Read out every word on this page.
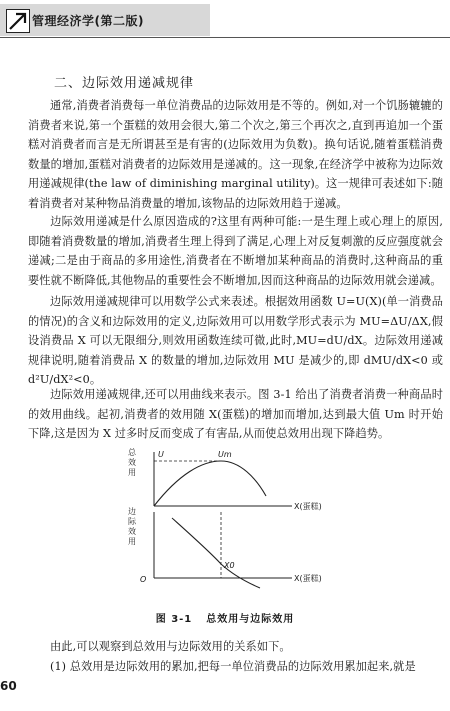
管理经济学(第二版)
二、边际效用递减规律

通常,消费者消费每一单位消费品的边际效用是不等的。例如,对一个饥肠辘辘的消费者来说,第一个蛋糕的效用会很大,第二个次之,第三个再次之,直到再追加一个蛋糕对消费者而言是无所谓甚至是有害的(边际效用为负数)。换句话说,随着蛋糕消费数量的增加,蛋糕对消费者的边际效用是递减的。这一现象,在经济学中被称为边际效用递减规律(the law of diminishing marginal utility)。这一规律可表述如下:随着消费者对某种物品消费量的增加,该物品的边际效用趋于递减。

边际效用递减是什么原因造成的?这里有两种可能:一是生理上或心理上的原因,即随着消费数量的增加,消费者生理上得到了满足,心理上对反复刺激的反应强度就会递减;二是由于商品的多用途性,消费者在不断增加某种商品的消费时,这种商品的重要性就不断降低,其他物品的重要性会不断增加,因而这种商品的边际效用就会递减。

边际效用递减规律可以用数学公式来表述。根据效用函数 U=U(X)(单一消费品的情况)的含义和边际效用的定义,边际效用可以用数学形式表示为 MU=ΔU/ΔX,假设消费品 X 可以无限细分,则效用函数连续可微,此时,MU=dU/dX。边际效用递减规律说明,随着消费品 X 的数量的增加,边际效用 MU 是减少的,即 dMU/dX<0 或 d²U/dX²<0。

边际效用递减规律,还可以用曲线来表示。图 3-1 给出了消费者消费一种商品时的效用曲线。起初,消费者的效用随 X(蛋糕)的增加而增加,达到最大值 Um 时开始下降,这是因为 X 过多时反而变成了有害品,从而使总效用出现下降趋势。

总
效
用
U	Um
X(蛋糕)
边
际
效
用
X0
O	X(蛋糕)
图 3-1 总效用与边际效用

由此,可以观察到总效用与边际效用的关系如下。

(1) 总效用是边际效用的累加,把每一单位消费品的边际效用累加起来,就是

60
